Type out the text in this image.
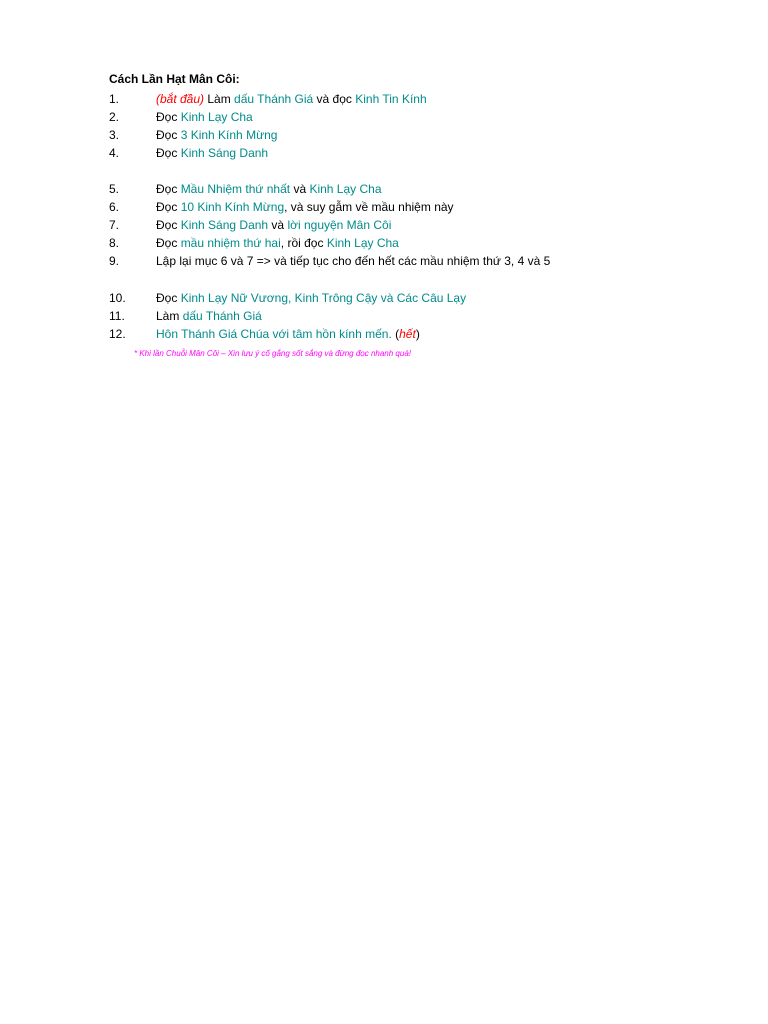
Cách Lần Hạt Mân Côi:
1.	(bắt đầu) Làm dấu Thánh Giá và đọc Kinh Tin Kính
2.	Đọc Kinh Lạy Cha
3.	Đọc 3 Kinh Kính Mừng
4.	Đọc Kinh Sáng Danh
5.	Đọc Mầu Nhiệm thứ nhất và Kinh Lạy Cha
6.	Đọc 10 Kinh Kính Mừng, và suy gẫm về mầu nhiệm này
7.	Đọc Kinh Sáng Danh và lời nguyện Mân Côi
8.	Đọc mầu nhiệm thứ hai, rồi đọc Kinh Lạy Cha
9.	Lập lại mục 6 và 7 => và tiếp tục cho đến hết các mầu nhiệm thứ 3, 4 và 5
10.	Đọc Kinh Lạy Nữ Vương, Kinh Trông Cậy và Các Câu Lạy
11.	Làm dấu Thánh Giá
12.	Hôn Thánh Giá Chúa với tâm hồn kính mến. (hết)
* Khi lần Chuỗi Mân Côi – Xin lưu ý cố gắng sốt sắng và đừng đọc nhanh quá!
